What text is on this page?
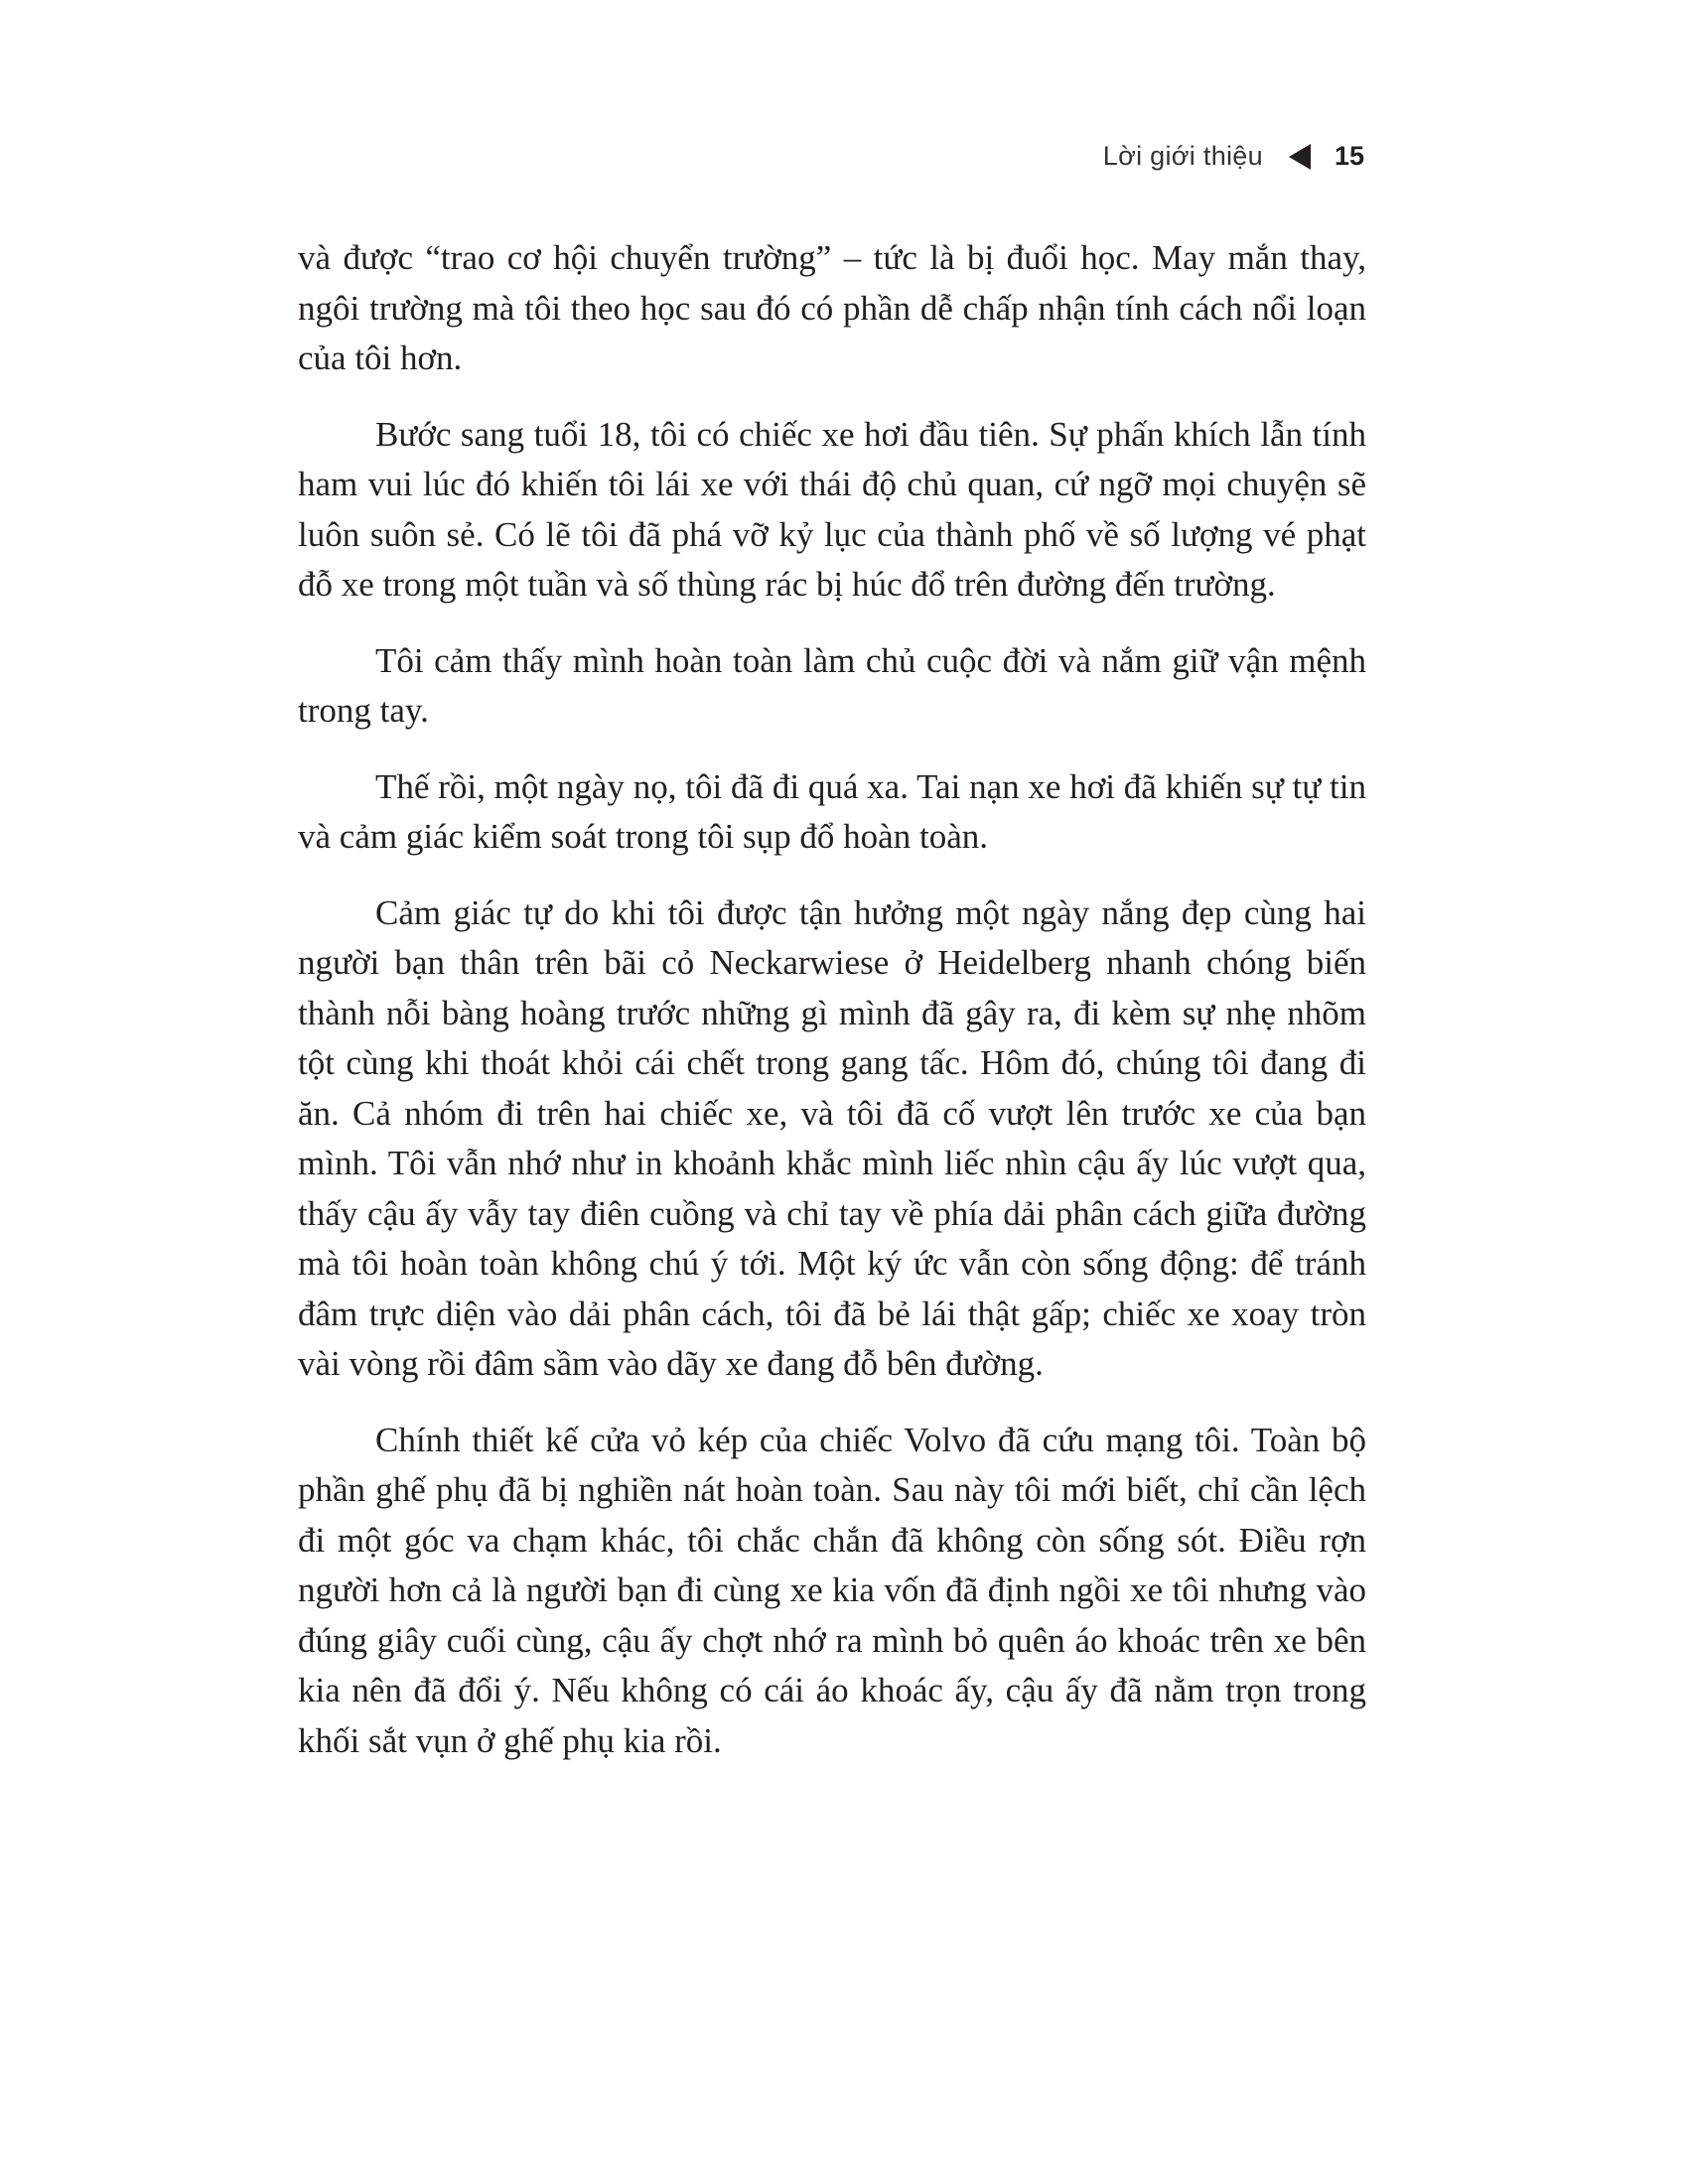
Lời giới thiệu	15

và được “trao cơ hội chuyển trường” – tức là bị đuổi học. May mắn thay, ngôi trường mà tôi theo học sau đó có phần dễ chấp nhận tính cách nổi loạn của tôi hơn.

Bước sang tuổi 18, tôi có chiếc xe hơi đầu tiên. Sự phấn khích lẫn tính ham vui lúc đó khiến tôi lái xe với thái độ chủ quan, cứ ngỡ mọi chuyện sẽ luôn suôn sẻ. Có lẽ tôi đã phá vỡ kỷ lục của thành phố về số lượng vé phạt đỗ xe trong một tuần và số thùng rác bị húc đổ trên đường đến trường.

Tôi cảm thấy mình hoàn toàn làm chủ cuộc đời và nắm giữ vận mệnh trong tay.

Thế rồi, một ngày nọ, tôi đã đi quá xa. Tai nạn xe hơi đã khiến sự tự tin và cảm giác kiểm soát trong tôi sụp đổ hoàn toàn.

Cảm giác tự do khi tôi được tận hưởng một ngày nắng đẹp cùng hai người bạn thân trên bãi cỏ Neckarwiese ở Heidelberg nhanh chóng biến thành nỗi bàng hoàng trước những gì mình đã gây ra, đi kèm sự nhẹ nhõm tột cùng khi thoát khỏi cái chết trong gang tấc. Hôm đó, chúng tôi đang đi ăn. Cả nhóm đi trên hai chiếc xe, và tôi đã cố vượt lên trước xe của bạn mình. Tôi vẫn nhớ như in khoảnh khắc mình liếc nhìn cậu ấy lúc vượt qua, thấy cậu ấy vẫy tay điên cuồng và chỉ tay về phía dải phân cách giữa đường mà tôi hoàn toàn không chú ý tới. Một ký ức vẫn còn sống động: để tránh đâm trực diện vào dải phân cách, tôi đã bẻ lái thật gấp; chiếc xe xoay tròn vài vòng rồi đâm sầm vào dãy xe đang đỗ bên đường.

Chính thiết kế cửa vỏ kép của chiếc Volvo đã cứu mạng tôi. Toàn bộ phần ghế phụ đã bị nghiền nát hoàn toàn. Sau này tôi mới biết, chỉ cần lệch đi một góc va chạm khác, tôi chắc chắn đã không còn sống sót. Điều rợn người hơn cả là người bạn đi cùng xe kia vốn đã định ngồi xe tôi nhưng vào đúng giây cuối cùng, cậu ấy chợt nhớ ra mình bỏ quên áo khoác trên xe bên kia nên đã đổi ý. Nếu không có cái áo khoác ấy, cậu ấy đã nằm trọn trong khối sắt vụn ở ghế phụ kia rồi.
